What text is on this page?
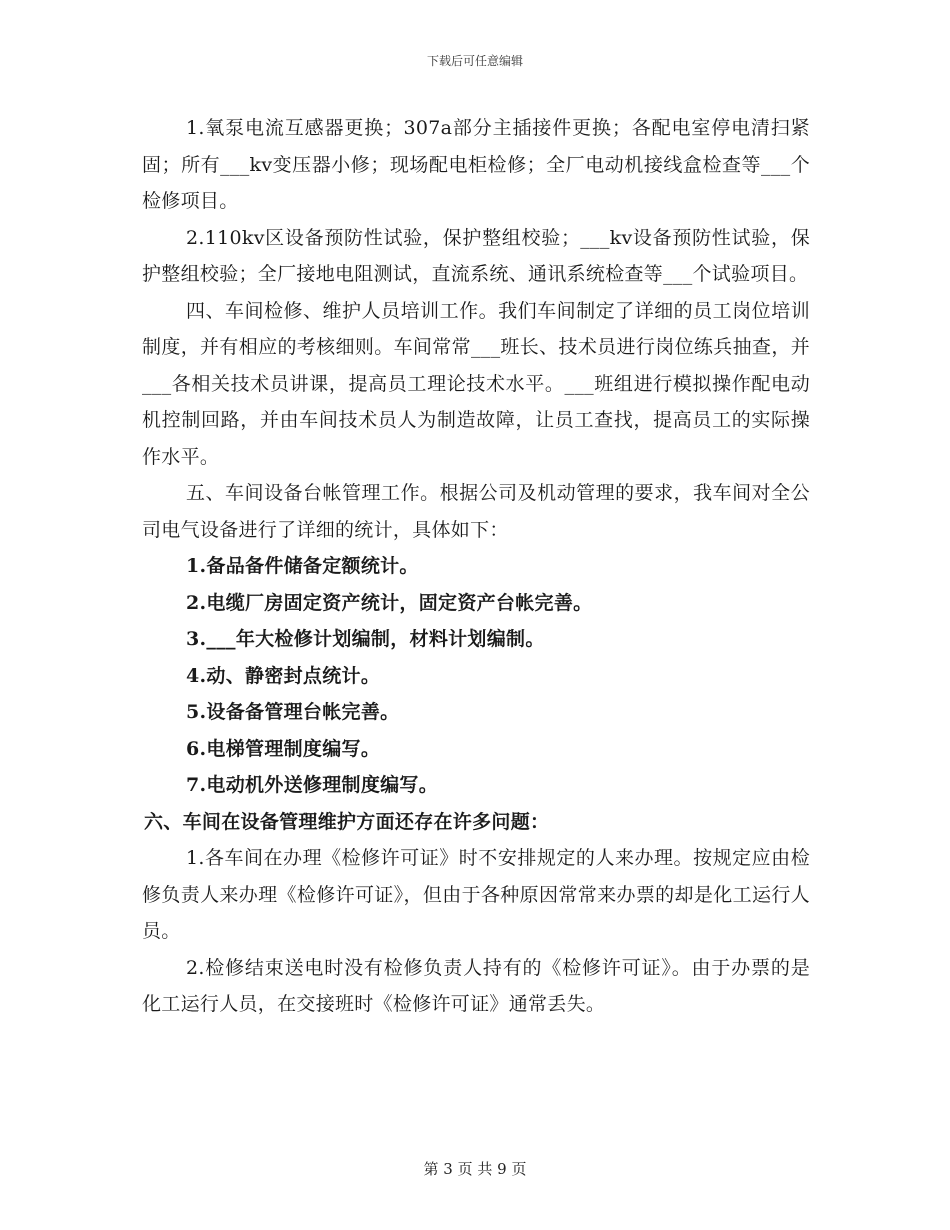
下载后可任意编辑

1.氧泵电流互感器更换；307a部分主插接件更换；各配电室停电清扫紧固；所有___kv变压器小修；现场配电柜检修；全厂电动机接线盒检查等___个检修项目。

2.110kv区设备预防性试验，保护整组校验；___kv设备预防性试验，保护整组校验；全厂接地电阻测试，直流系统、通讯系统检查等___个试验项目。

四、车间检修、维护人员培训工作。我们车间制定了详细的员工岗位培训制度，并有相应的考核细则。车间常常___班长、技术员进行岗位练兵抽查，并___各相关技术员讲课，提高员工理论技术水平。___班组进行模拟操作配电动机控制回路，并由车间技术员人为制造故障，让员工查找，提高员工的实际操作水平。

五、车间设备台帐管理工作。根据公司及机动管理的要求，我车间对全公司电气设备进行了详细的统计，具体如下：

1.备品备件储备定额统计。

2.电缆厂房固定资产统计，固定资产台帐完善。

3.___年大检修计划编制，材料计划编制。

4.动、静密封点统计。

5.设备备管理台帐完善。

6.电梯管理制度编写。

7.电动机外送修理制度编写。

六、车间在设备管理维护方面还存在许多问题：

1.各车间在办理《检修许可证》时不安排规定的人来办理。按规定应由检修负责人来办理《检修许可证》，但由于各种原因常常来办票的却是化工运行人员。

2.检修结束送电时没有检修负责人持有的《检修许可证》。由于办票的是化工运行人员，在交接班时《检修许可证》通常丢失。

第 3 页 共 9 页
